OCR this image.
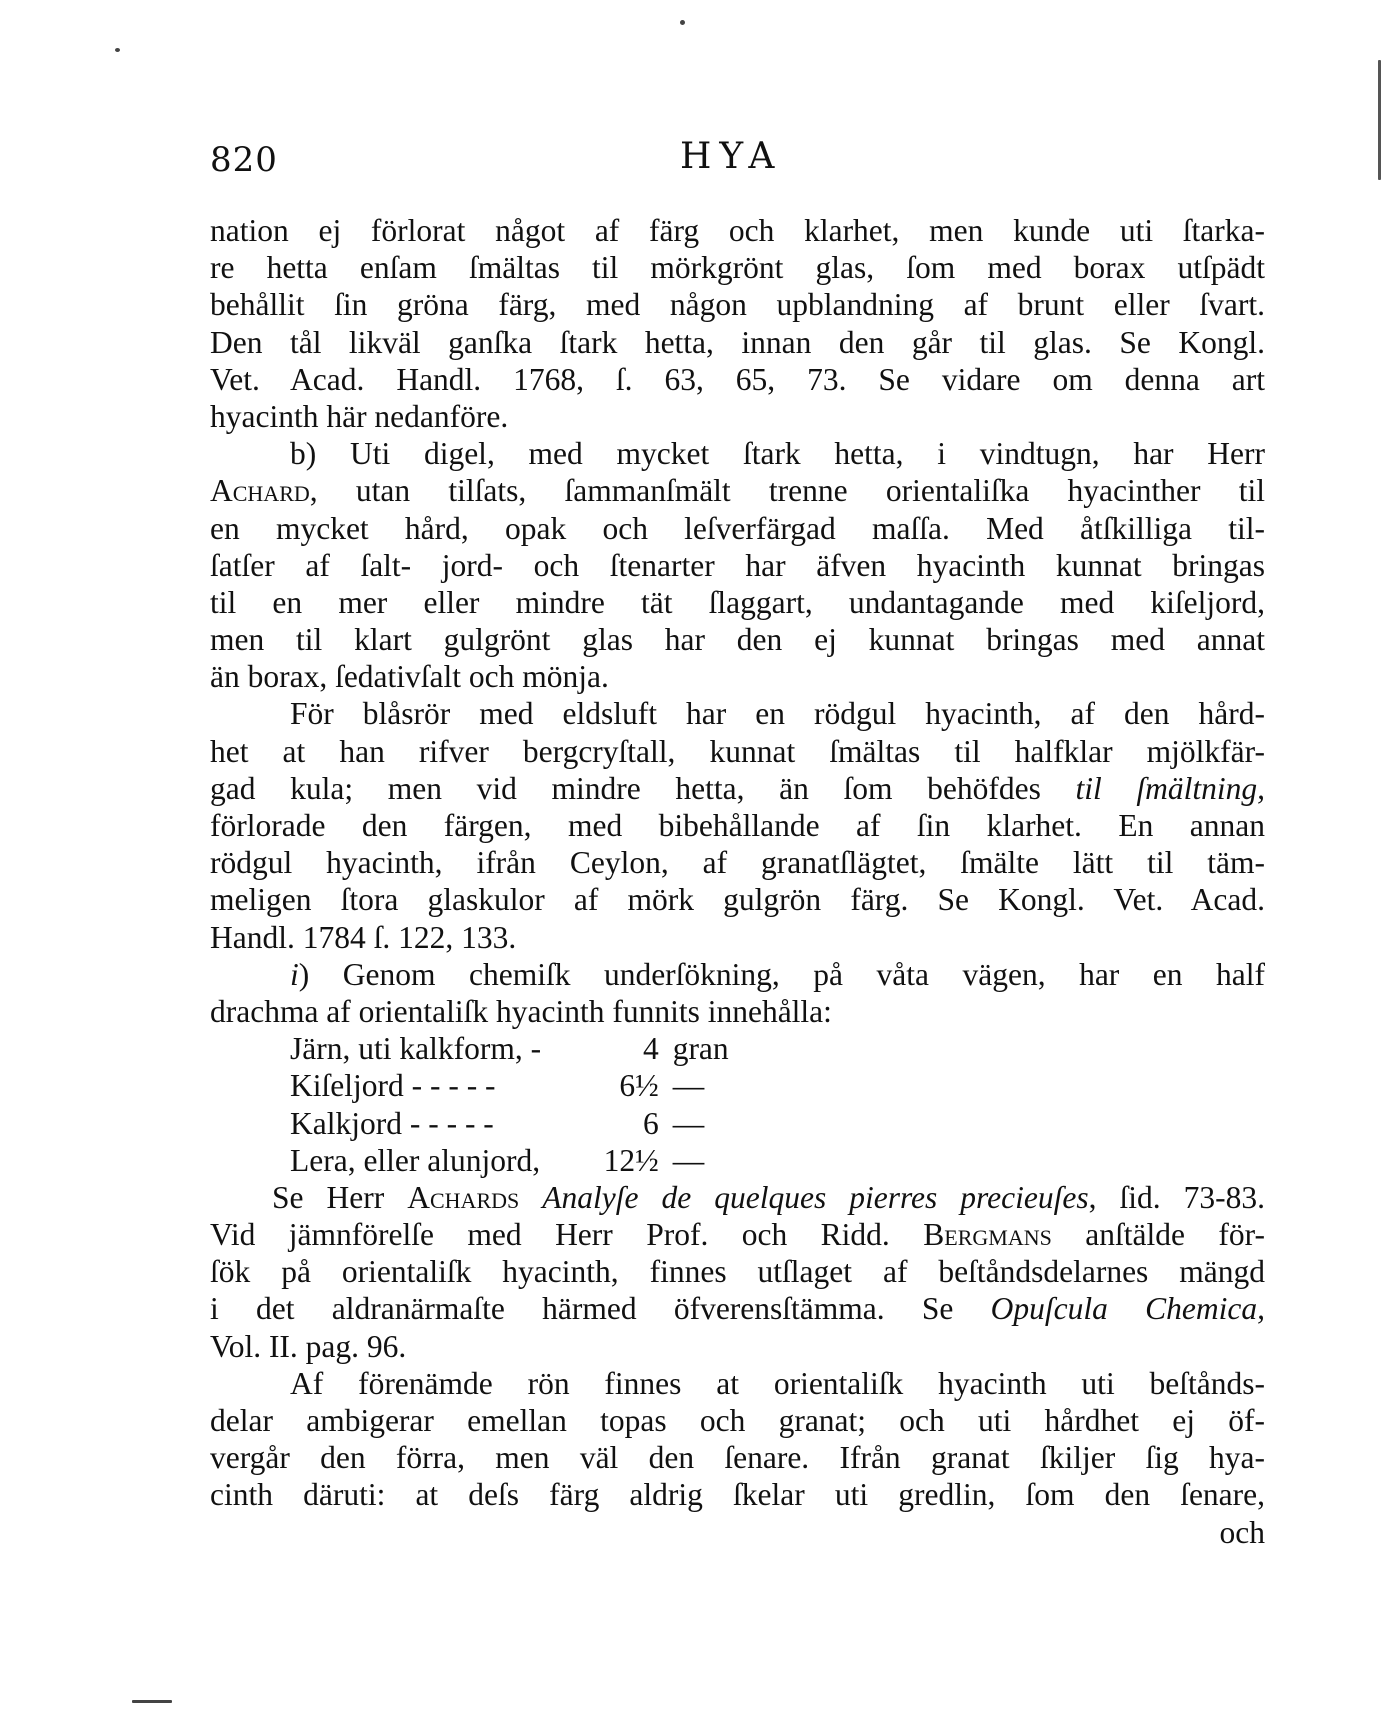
820	HYA
nation ej förlorat något af färg och klarhet, men kunde uti ſtarka-
re hetta enſam ſmältas til mörkgrönt glas, ſom med borax utſpädt
behållit ſin gröna färg, med någon upblandning af brunt eller ſvart.
Den tål likväl ganſka ſtark hetta, innan den går til glas. Se Kongl.
Vet. Acad. Handl. 1768, ſ. 63, 65, 73. Se vidare om denna art
hyacinth här nedanföre.
b) Uti digel, med mycket ſtark hetta, i vindtugn, har Herr
Achard, utan tilſats, ſammanſmält trenne orientaliſka hyacinther til
en mycket hård, opak och leſverfärgad maſſa. Med åtſkilliga til-
ſatſer af ſalt- jord- och ſtenarter har äfven hyacinth kunnat bringas
til en mer eller mindre tät ſlaggart, undantagande med kiſeljord,
men til klart gulgrönt glas har den ej kunnat bringas med annat
än borax, ſedativſalt och mönja.
För blåsrör med eldsluft har en rödgul hyacinth, af den hård-
het at han rifver bergcryſtall, kunnat ſmältas til halfklar mjölkfär-
gad kula; men vid mindre hetta, än ſom behöfdes til ſmältning,
förlorade den färgen, med bibehållande af ſin klarhet. En annan
rödgul hyacinth, ifrån Ceylon, af granatſlägtet, ſmälte lätt til täm-
meligen ſtora glaskulor af mörk gulgrön färg. Se Kongl. Vet. Acad.
Handl. 1784 ſ. 122, 133.
i) Genom chemiſk underſökning, på våta vägen, har en half
drachma af orientaliſk hyacinth funnits innehålla:
Järn, uti kalkform, -	4 gran
Kiſeljord - - - - -	6½ —
Kalkjord - - - - -	6 —
Lera, eller alunjord,	12½ —
Se Herr Achards Analyſe de quelques pierres precieuſes, ſid. 73-83.
Vid jämnförelſe med Herr Prof. och Ridd. Bergmans anſtälde för-
ſök på orientaliſk hyacinth, finnes utſlaget af beſtåndsdelarnes mängd
i det aldranärmaſte härmed öfverensſtämma. Se Opuſcula Chemica,
Vol. II. pag. 96.
Af förenämde rön finnes at orientaliſk hyacinth uti beſtånds-
delar ambigerar emellan topas och granat; och uti hårdhet ej öf-
vergår den förra, men väl den ſenare. Ifrån granat ſkiljer ſig hya-
cinth däruti: at deſs färg aldrig ſkelar uti gredlin, ſom den ſenare,
och
